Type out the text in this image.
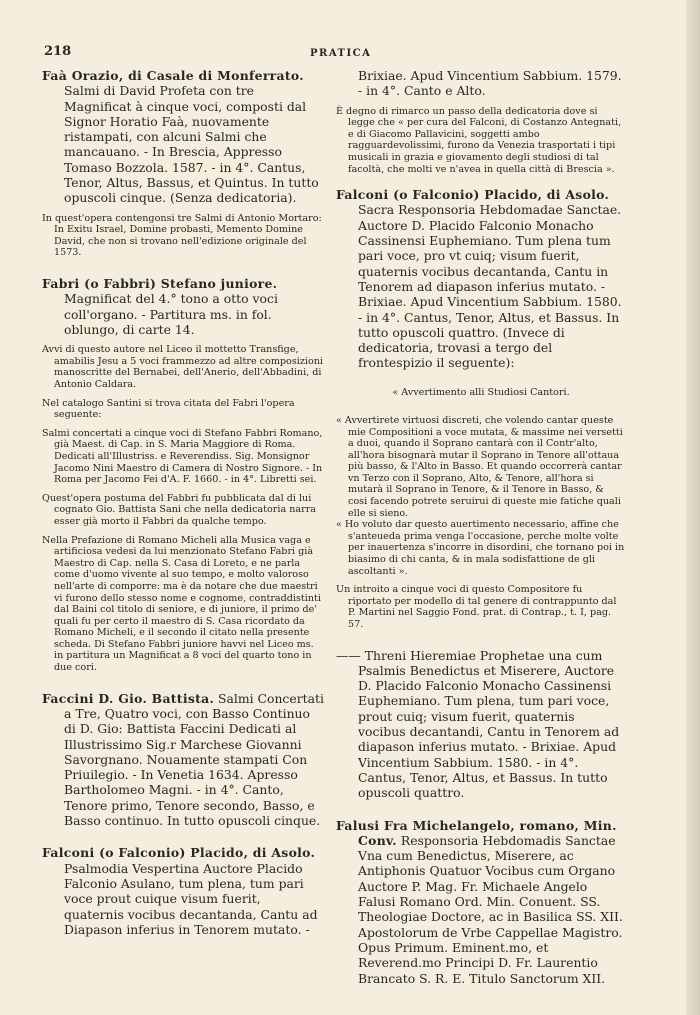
218	PRATICA

Faà Orazio, di Casale di Monferrato. Salmi di David Profeta con tre Magnificat à cinque voci, composti dal Signor Horatio Faà, nuovamente ristampati, con alcuni Salmi che mancauano. - In Brescia, Appresso Tomaso Bozzola. 1587. - in 4°. Cantus, Tenor, Altus, Bassus, et Quintus. In tutto opuscoli cinque. (Senza dedicatoria).

In quest'opera contengonsi tre Salmi di Antonio Mortaro: In Exitu Israel, Domine probasti, Memento Domine David, che non si trovano nell'edizione originale del 1573.

Fabri (o Fabbri) Stefano juniore. Magnificat del 4.° tono a otto voci coll'organo. - Partitura ms. in fol. oblungo, di carte 14.

Avvi di questo autore nel Liceo il mottetto Transfige, amabilis Jesu a 5 voci frammezzo ad altre composizioni manoscritte del Bernabei, dell'Anerio, dell'Abbadini, di Antonio Caldara.

Nel catalogo Santini si trova citata del Fabri l'opera seguente:

Salmi concertati a cinque voci di Stefano Fabbri Romano, già Maest. di Cap. in S. Maria Maggiore di Roma. Dedicati all'Illustriss. e Reverendiss. Sig. Monsignor Jacomo Nini Maestro di Camera di Nostro Signore. - In Roma per Jacomo Fei d'A. F. 1660. - in 4°. Libretti sei.

Quest'opera postuma del Fabbri fu pubblicata dal di lui cognato Gio. Battista Sani che nella dedicatoria narra esser già morto il Fabbri da qualche tempo.

Nella Prefazione di Romano Micheli alla Musica vaga e artificiosa vedesi da lui menzionato Stefano Fabri già Maestro di Cap. nella S. Casa di Loreto, e ne parla come d'uomo vivente al suo tempo, e molto valoroso nell'arte di comporre: ma è da notare che due maestri vi furono dello stesso nome e cognome, contraddistinti dal Baini col titolo di seniore, e di juniore, il primo de' quali fu per certo il maestro di S. Casa ricordato da Romano Micheli, e il secondo il citato nella presente scheda. Di Stefano Fabbri juniore havvi nel Liceo ms. in partitura un Magnificat a 8 voci del quarto tono in due cori.

Faccini D. Gio. Battista. Salmi Concertati a Tre, Quatro voci, con Basso Continuo di D. Gio: Battista Faccini Dedicati al Illustrissimo Sig.r Marchese Giovanni Savorgnano. Nouamente stampati Con Priuilegio. - In Venetia 1634. Apresso Bartholomeo Magni. - in 4°. Canto, Tenore primo, Tenore secondo, Basso, e Basso continuo. In tutto opuscoli cinque.

Falconi (o Falconio) Placido, di Asolo. Psalmodia Vespertina Auctore Placido Falconio Asulano, tum plena, tum pari voce prout cuique visum fuerit, quaternis vocibus decantanda, Cantu ad Diapason inferius in Tenorem mutato. -

Brixiae. Apud Vincentium Sabbium. 1579. - in 4°. Canto e Alto.

È degno di rimarco un passo della dedicatoria dove si legge che « per cura del Falconi, di Costanzo Antegnati, e di Giacomo Pallavicini, soggetti ambo ragguardevolissimi, furono da Venezia trasportati i tipi musicali in grazia e giovamento degli studiosi di tal facoltà, che molti ve n'avea in quella città di Brescia ».

Falconi (o Falconio) Placido, di Asolo. Sacra Responsoria Hebdomadae Sanctae. Auctore D. Placido Falconio Monacho Cassinensi Euphemiano. Tum plena tum pari voce, pro vt cuiq; visum fuerit, quaternis vocibus decantanda, Cantu in Tenorem ad diapason inferius mutato. - Brixiae. Apud Vincentium Sabbium. 1580. - in 4°. Cantus, Tenor, Altus, et Bassus. In tutto opuscoli quattro. (Invece di dedicatoria, trovasi a tergo del frontespizio il seguente):

« Avvertimento alli Studiosi Cantori.

« Avvertirete virtuosi discreti, che volendo cantar queste mie Compositioni a voce mutata, & massime nei versetti a duoi, quando il Soprano cantarà con il Contr'alto, all'hora bisognarà mutar il Soprano in Tenore all'ottaua più basso, & l'Alto in Basso. Et quando occorrerà cantar vn Terzo con il Soprano, Alto, & Tenore, all'hora si mutarà il Soprano in Tenore, & il Tenore in Basso, & cosi facendo potrete seruirui di queste mie fatiche quali elle si sieno.

« Ho voluto dar questo auertimento necessario, affine che s'anteueda prima venga l'occasione, perche molte volte per inauertenza s'incorre in disordini, che tornano poi in biasimo di chi canta, & in mala sodisfattione de gli ascoltanti ».

Un introito a cinque voci di questo Compositore fu riportato per modello di tal genere di contrappunto dal P. Martini nel Saggio Fond. prat. di Contrap., t. I, pag. 57.

—— Threni Hieremiae Prophetae una cum Psalmis Benedictus et Miserere, Auctore D. Placido Falconio Monacho Cassinensi Euphemiano. Tum plena, tum pari voce, prout cuiq; visum fuerit, quaternis vocibus decantandi, Cantu in Tenorem ad diapason inferius mutato. - Brixiae. Apud Vincentium Sabbium. 1580. - in 4°. Cantus, Tenor, Altus, et Bassus. In tutto opuscoli quattro.

Falusi Fra Michelangelo, romano, Min. Conv. Responsoria Hebdomadis Sanctae Vna cum Benedictus, Miserere, ac Antiphonis Quatuor Vocibus cum Organo Auctore P. Mag. Fr. Michaele Angelo Falusi Romano Ord. Min. Conuent. SS. Theologiae Doctore, ac in Basilica SS. XII. Apostolorum de Vrbe Cappellae Magistro. Opus Primum. Eminent.mo, et Reverend.mo Principi D. Fr. Laurentio Brancato S. R. E. Titulo Sanctorum XII.
